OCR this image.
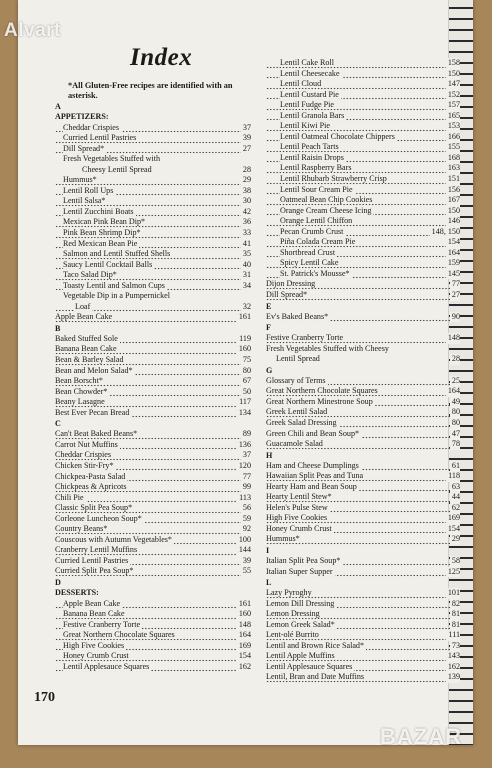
Index
*All Gluten-Free recipes are identified with an asterisk.
A
APPETIZERS:
Cheddar Crispies	37
Curried Lentil Pastries	39
Dill Spread*	27
Fresh Vegetables Stuffed with
Cheesy Lentil Spread	28
Hummus*	29
Lentil Roll Ups	38
Lentil Salsa*	30
Lentil Zucchini Boats	42
Mexican Pink Bean Dip*	36
Pink Bean Shrimp Dip*	33
Red Mexican Bean Pie	41
Salmon and Lentil Stuffed Shells	35
Saucy Lentil Cocktail Balls	40
Taco Salad Dip*	31
Toasty Lentil and Salmon Cups	34
Vegetable Dip in a Pumpernickel
Loaf	32
Apple Bean Cake	161
B
Baked Stuffed Sole	119
Banana Bean Cake	160
Bean & Barley Salad	75
Bean and Melon Salad*	80
Bean Borscht*	67
Bean Chowder*	50
Beany Lasagne	117
Best Ever Pecan Bread	134
C
Can't Beat Baked Beans*	89
Carrot Nut Muffins	136
Cheddar Crispies	37
Chicken Stir-Fry*	120
Chickpea-Pasta Salad	77
Chickpeas & Apricots	99
Chili Pie	113
Classic Split Pea Soup*	56
Corleone Luncheon Soup*	59
Country Beans*	92
Couscous with Autumn Vegetables*	100
Cranberry Lentil Muffins	144
Curried Lentil Pastries	39
Curried Split Pea Soup*	55
D
DESSERTS:
Apple Bean Cake	161
Banana Bean Cake	160
Festive Cranberry Torte	148
Great Northern Chocolate Squares	164
High Five Cookies	169
Honey Crumb Crust	154
Lentil Applesauce Squares	162
Lentil Cake Roll	158
Lentil Cheesecake	150
Lentil Cloud	147
Lentil Custard Pie	152
Lentil Fudge Pie	157
Lentil Granola Bars	165
Lentil Kiwi Pie	153
Lentil Oatmeal Chocolate Chippers	166
Lentil Peach Tarts	155
Lentil Raisin Drops	168
Lentil Raspberry Bars	163
Lentil Rhubarb Strawberry Crisp	151
Lentil Sour Cream Pie	156
Oatmeal Bean Chip Cookies	167
Orange Cream Cheese Icing	150
Orange Lentil Chiffon	146
Pecan Crumb Crust	148, 150
Piña Colada Cream Pie	154
Shortbread Crust	164
Spicy Lentil Cake	159
St. Patrick's Mousse*	145
Dijon Dressing	77
Dill Spread*	27
E
Ev's Baked Beans*	90
F
Festive Cranberry Torte	148
Fresh Vegetables Stuffed with Cheesy
Lentil Spread	28
G
Glossary of Terms	25
Great Northern Chocolate Squares	164
Great Northern Minestrone Soup	49
Greek Lentil Salad	80
Greek Salad Dressing	80
Green Chili and Bean Soup*	47
Guacamole Salad	78
H
Ham and Cheese Dumplings	61
Hawaiian Split Peas and Tuna	118
Hearty Ham and Bean Soup	63
Hearty Lentil Stew*	44
Helen's Pulse Stew	62
High Five Cookies	169
Honey Crumb Crust	154
Hummus*	29
I
Italian Split Pea Soup*	58
Italian Super Supper	125
L
Lazy Pyroghy	101
Lemon Dill Dressing	82
Lemon Dressing	81
Lemon Greek Salad*	81
Lent-olé Burrito	111
Lentil and Brown Rice Salad*	73
Lentil Apple Muffins	143
Lentil Applesauce Squares	162
Lentil, Bran and Date Muffins	139
170
Alvart
BAZAR
